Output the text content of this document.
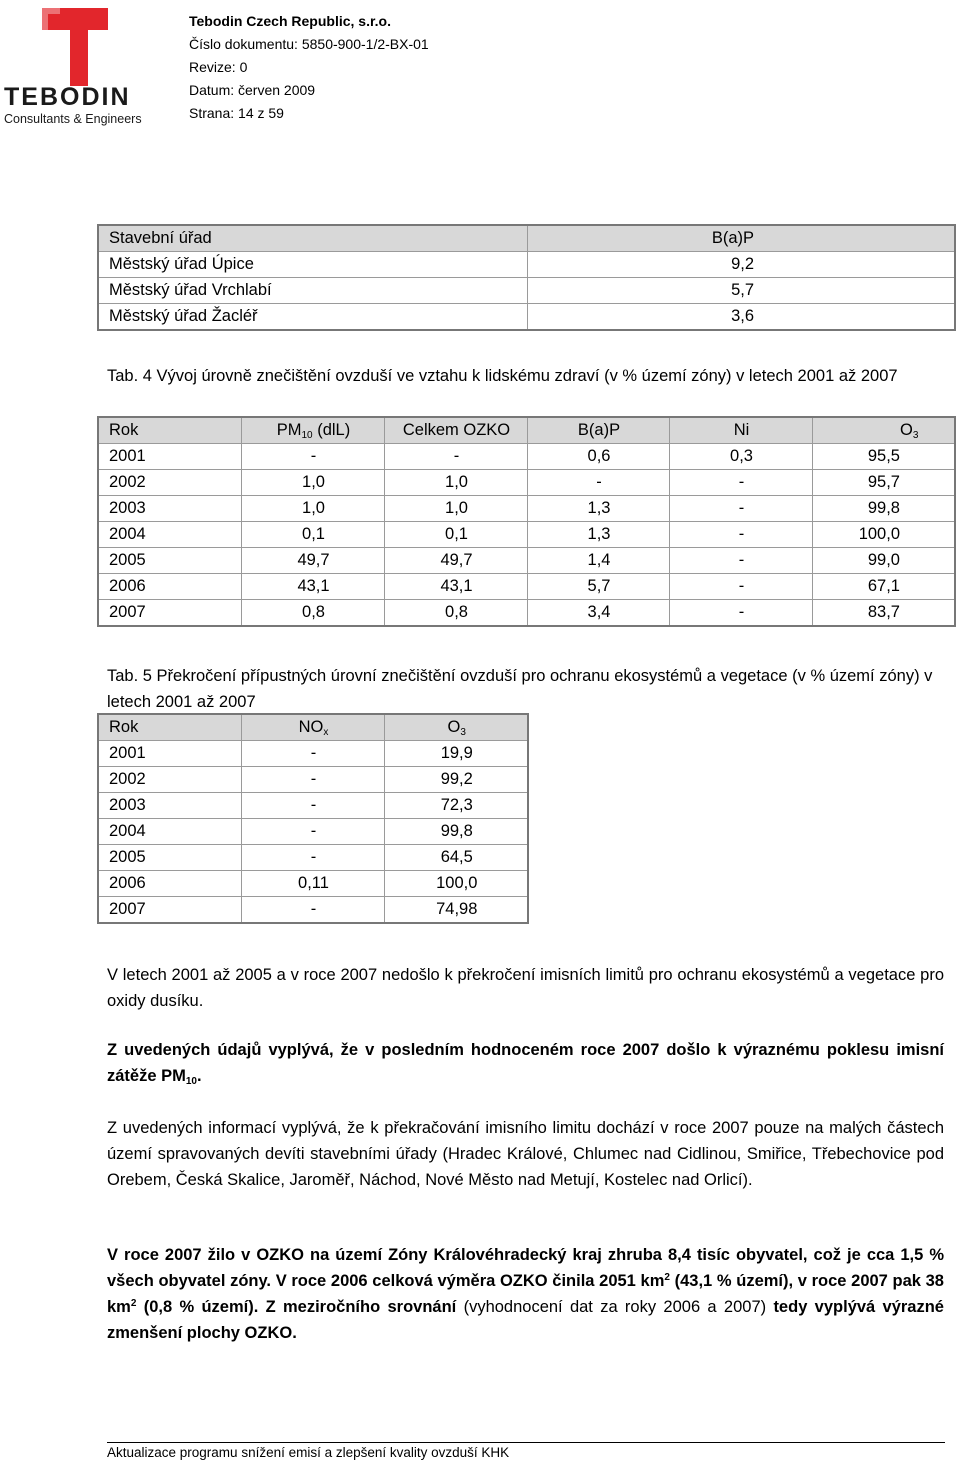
TEBODIN
Consultants & Engineers
Tebodin Czech Republic, s.r.o.
Číslo dokumentu: 5850-900-1/2-BX-01
Revize: 0
Datum: červen 2009
Strana: 14 z 59
Stavební úřad	B(a)P
Městský úřad Úpice	9,2
Městský úřad Vrchlabí	5,7
Městský úřad Žacléř	3,6
Tab. 4 Vývoj úrovně znečištění ovzduší ve vztahu k lidskému zdraví (v % území zóny) v letech 2001 až 2007
Rok	$PM_{10}$ (dlL)	Celkem OZKO	B(a)P	Ni	$O_3$
2001	-	-	0,6	0,3	95,5
2002	1,0	1,0	-	-	95,7
2003	1,0	1,0	1,3	-	99,8
2004	0,1	0,1	1,3	-	100,0
2005	49,7	49,7	1,4	-	99,0
2006	43,1	43,1	5,7	-	67,1
2007	0,8	0,8	3,4	-	83,7
Tab. 5 Překročení přípustných úrovní znečištění ovzduší pro ochranu ekosystémů a vegetace (v % území zóny) v letech 2001 až 2007
Rok	$NO_x$	$O_3$
2001	-	19,9
2002	-	99,2
2003	-	72,3
2004	-	99,8
2005	-	64,5
2006	0,11	100,0
2007	-	74,98
V letech 2001 až 2005 a v roce 2007 nedošlo k překročení imisních limitů pro ochranu ekosystémů a vegetace pro oxidy dusíku.
Z uvedených údajů vyplývá, že v posledním hodnoceném roce 2007 došlo k výraznému poklesu imisní zátěže $PM_{10}$.
Z uvedených informací vyplývá, že k překračování imisního limitu dochází v roce 2007 pouze na malých částech území spravovaných devíti stavebními úřady (Hradec Králové, Chlumec nad Cidlinou, Smiřice, Třebechovice pod Orebem, Česká Skalice, Jaroměř, Náchod, Nové Město nad Metují, Kostelec nad Orlicí).
V roce 2007 žilo v OZKO na území Zóny Královéhradecký kraj zhruba 8,4 tisíc obyvatel, což je cca 1,5 % všech obyvatel zóny. V roce 2006 celková výměra OZKO činila 2051 $km^2$ (43,1 % území), v roce 2007 pak 38 $km^2$ (0,8 % území). Z meziročního srovnání (vyhodnocení dat za roky 2006 a 2007) tedy vyplývá výrazné zmenšení plochy OZKO.
Aktualizace programu snížení emisí a zlepšení kvality ovzduší KHK
